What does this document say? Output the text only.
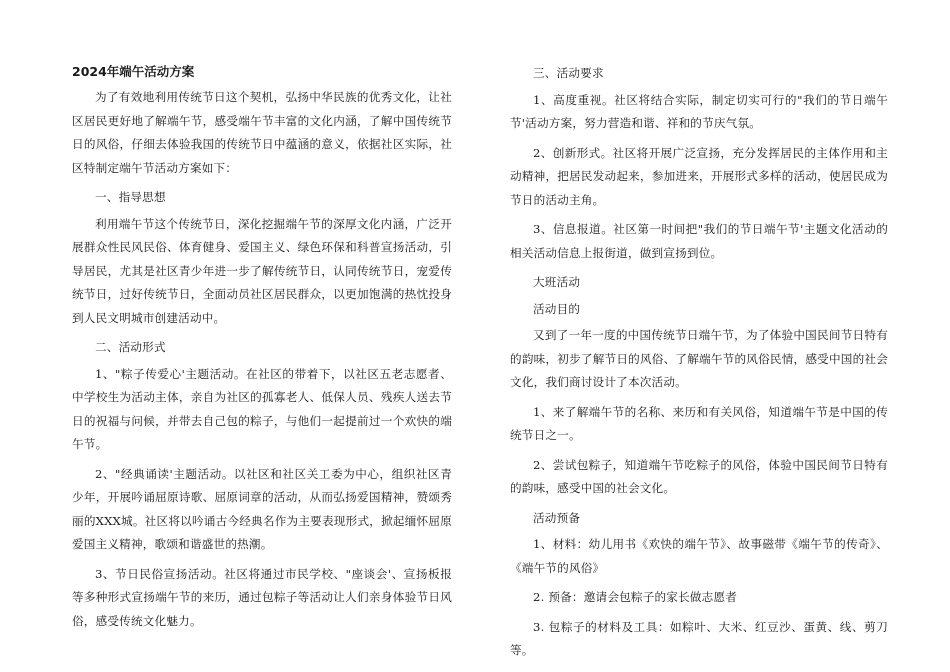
2024年端午活动方案

为了有效地利用传统节日这个契机，弘扬中华民族的优秀文化，让社区居民更好地了解端午节，感受端午节丰富的文化内涵，了解中国传统节日的风俗，仔细去体验我国的传统节日中蕴涵的意义，依据社区实际，社区特制定端午节活动方案如下：

一、指导思想

利用端午节这个传统节日，深化挖掘端午节的深厚文化内涵，广泛开展群众性民风民俗、体育健身、爱国主义、绿色环保和科普宣扬活动，引导居民，尤其是社区青少年进一步了解传统节日，认同传统节日，宠爱传统节日，过好传统节日，全面动员社区居民群众，以更加饱满的热忱投身到人民文明城市创建活动中。

二、活动形式

1、"粽子传爱心'主题活动。在社区的带着下，以社区五老志愿者、中学校生为活动主体，亲自为社区的孤寡老人、低保人员、残疾人送去节日的祝福与问候，并带去自己包的粽子，与他们一起提前过一个欢快的端午节。

2、"经典诵读'主题活动。以社区和社区关工委为中心，组织社区青少年，开展吟诵屈原诗歌、屈原词章的活动，从而弘扬爱国精神，赞颂秀丽的XXX城。社区将以吟诵古今经典名作为主要表现形式，掀起缅怀屈原爱国主义精神，歌颂和谐盛世的热潮。

3、节日民俗宣扬活动。社区将通过市民学校、"座谈会'、宣扬板报等多种形式宣扬端午节的来历，通过包粽子等活动让人们亲身体验节日风俗，感受传统文化魅力。

三、活动要求

1、高度重视。社区将结合实际，制定切实可行的"我们的节日端午节'活动方案，努力营造和谐、祥和的节庆气氛。

2、创新形式。社区将开展广泛宣扬，充分发挥居民的主体作用和主动精神，把居民发动起来，参加进来，开展形式多样的活动，使居民成为节日的活动主角。

3、信息报道。社区第一时间把"我们的节日端午节'主题文化活动的相关活动信息上报街道，做到宣扬到位。

大班活动

活动目的

又到了一年一度的中国传统节日端午节，为了体验中国民间节日特有的韵味，初步了解节日的风俗、了解端午节的风俗民情，感受中国的社会文化，我们商讨设计了本次活动。

1、来了解端午节的名称、来历和有关风俗，知道端午节是中国的传统节日之一。

2、尝试包粽子，知道端午节吃粽子的风俗，体验中国民间节日特有的韵味，感受中国的社会文化。

活动预备

1、材料：幼儿用书《欢快的端午节》、故事磁带《端午节的传奇》、《端午节的风俗》

2. 预备：邀请会包粽子的家长做志愿者

3. 包粽子的材料及工具：如粽叶、大米、红豆沙、蛋黄、线、剪刀等。
